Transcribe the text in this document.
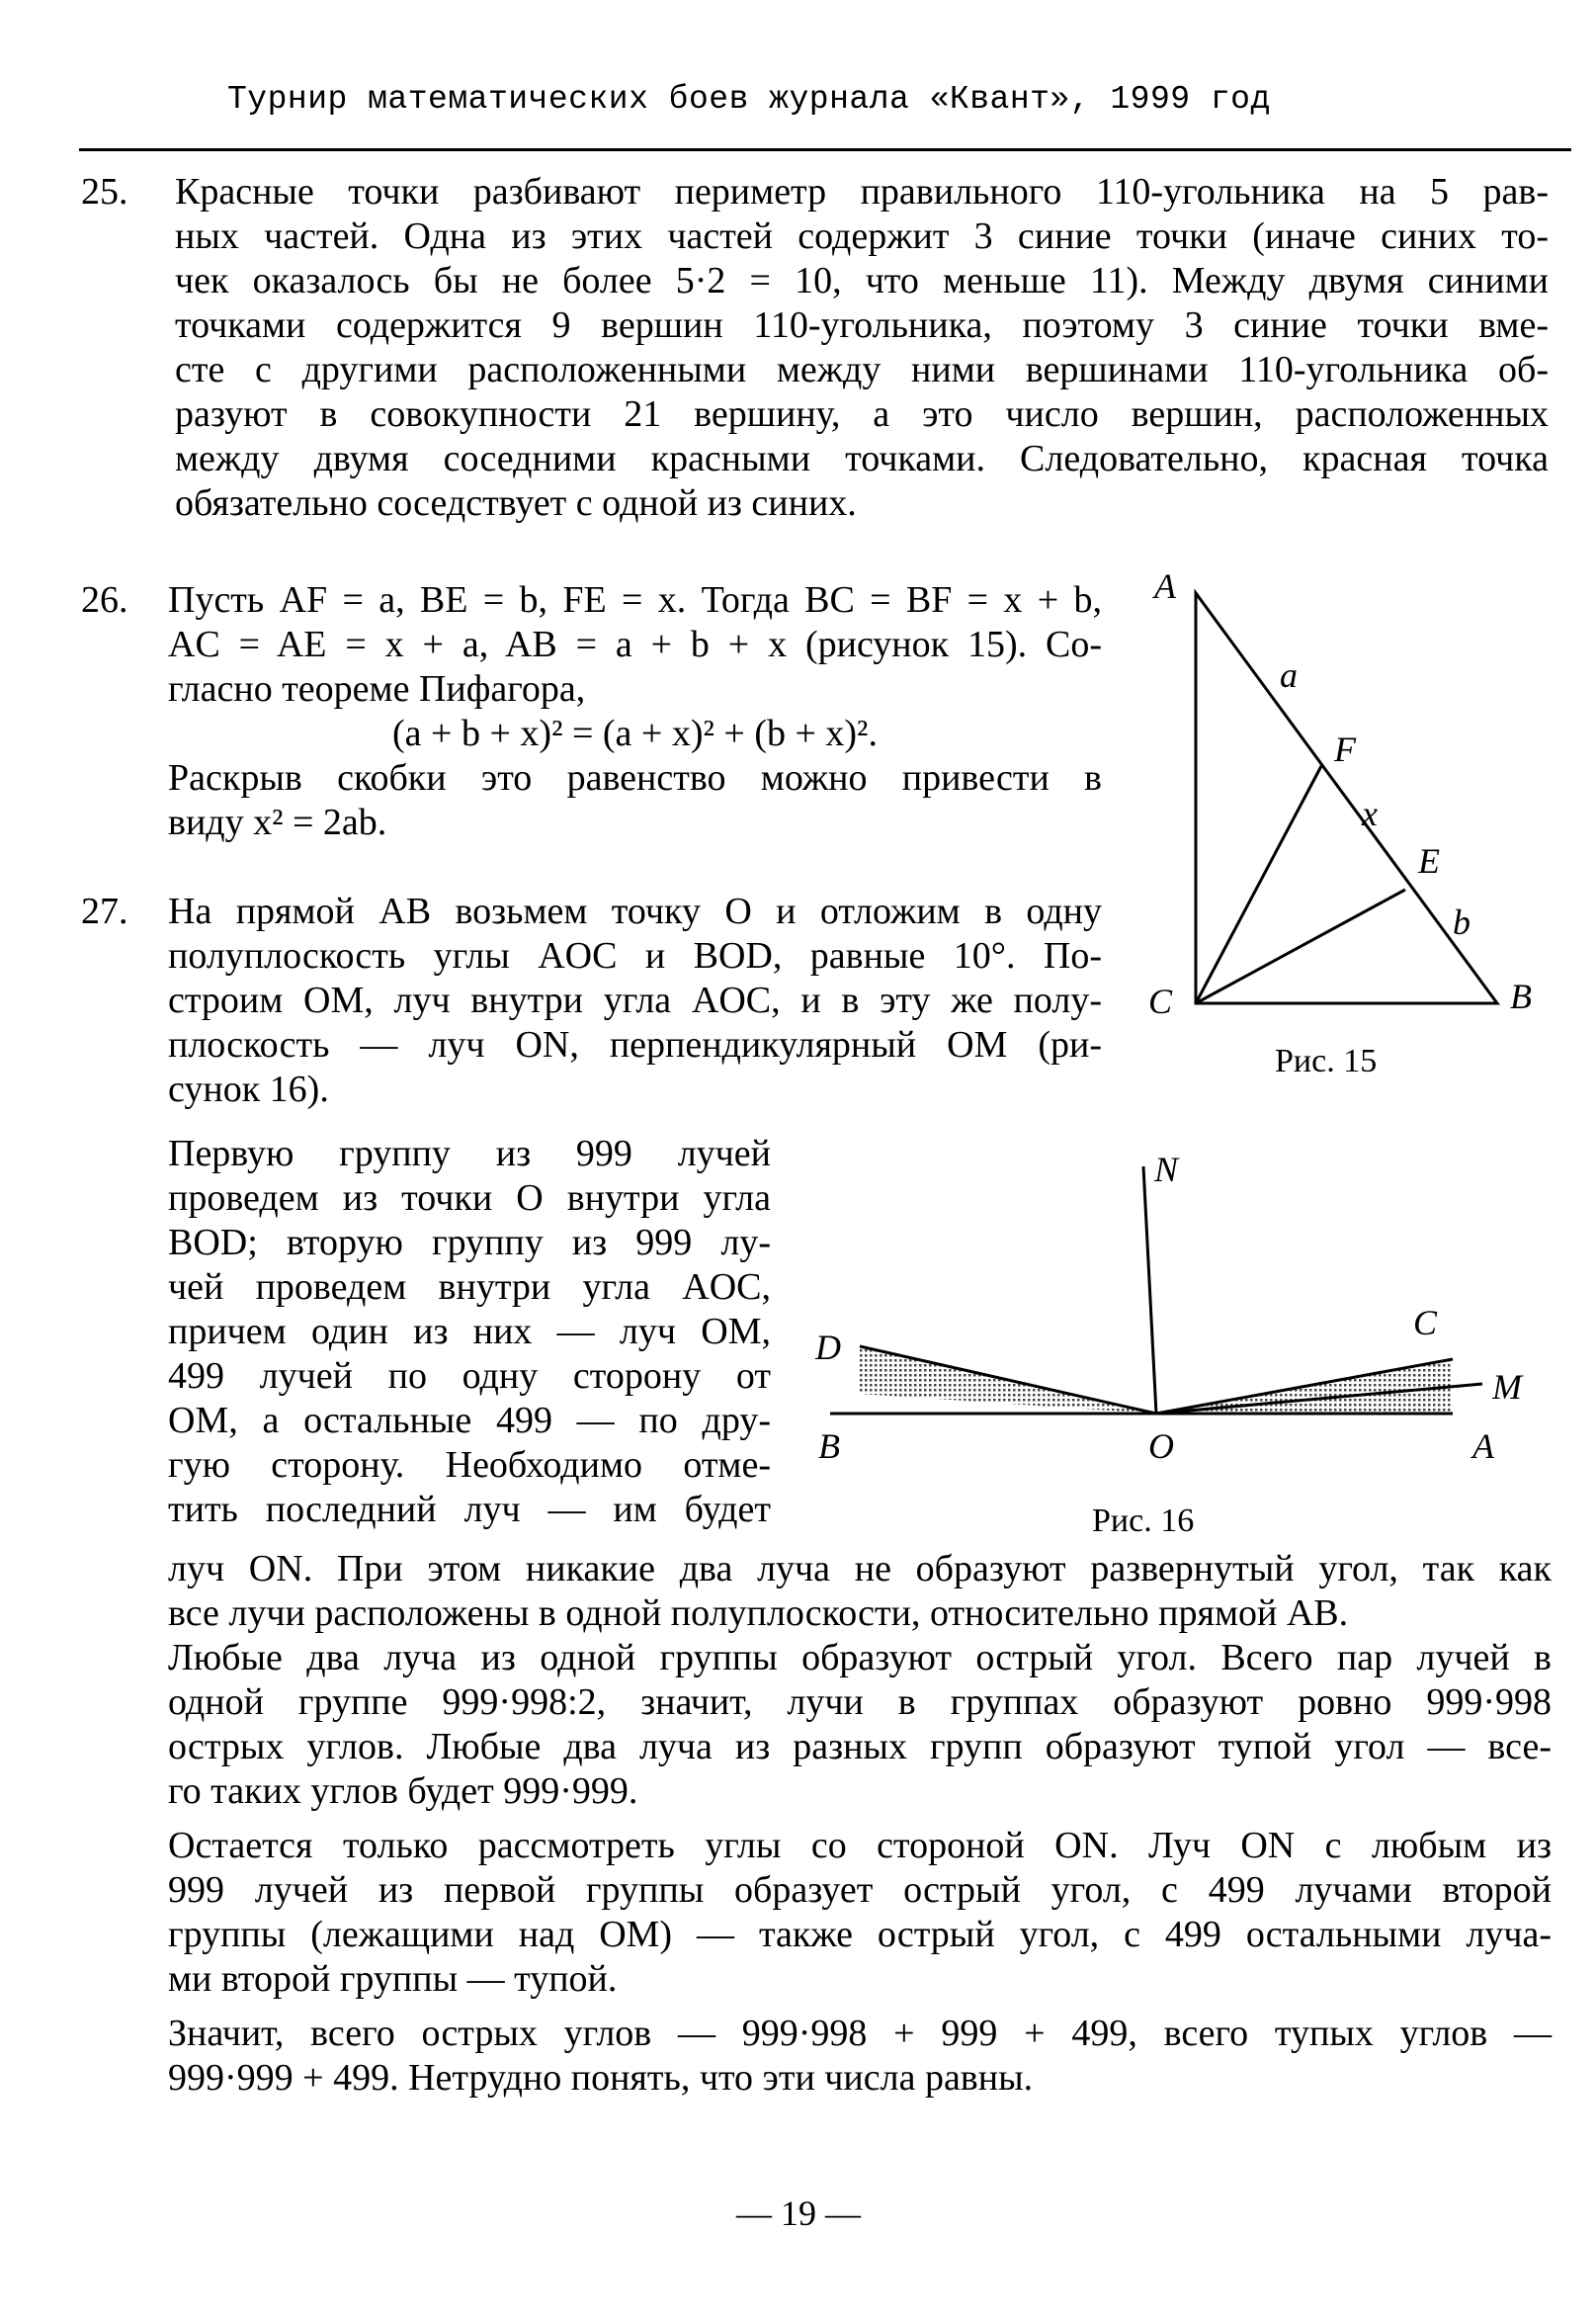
Турнир математических боев журнала «Квант», 1999 год
25. Красные точки разбивают периметр правильного 110-угольника на 5 рав-
ных частей. Одна из этих частей содержит 3 синие точки (иначе синих то-
чек оказалось бы не более 5·2 = 10, что меньше 11). Между двумя синими
точками содержится 9 вершин 110-угольника, поэтому 3 синие точки вме-
сте с другими расположенными между ними вершинами 110-угольника об-
разуют в совокупности 21 вершину, а это число вершин, расположенных
между двумя соседними красными точками. Следовательно, красная точка
обязательно соседствует с одной из синих.
26. Пусть AF = a, BE = b, FE = x. Тогда BC = BF = x + b,
AC = AE = x + a, AB = a + b + x (рисунок 15). Со-
гласно теореме Пифагора,
(a + b + x)² = (a + x)² + (b + x)².
Раскрыв скобки это равенство можно привести в
виду x² = 2ab.
A
B
C
F
E
a
x
b
Рис. 15
27. На прямой AB возьмем точку O и отложим в одну
полуплоскость углы AOC и BOD, равные 10°. По-
строим OM, луч внутри угла AOC, и в эту же полу-
плоскость — луч ON, перпендикулярный OM (ри-
сунок 16).
Первую группу из 999 лучей
проведем из точки O внутри угла
BOD; вторую группу из 999 лу-
чей проведем внутри угла AOC,
причем один из них — луч OM,
499 лучей по одну сторону от
OM, а остальные 499 — по дру-
гую сторону. Необходимо отме-
тить последний луч — им будет
N
C
D
M
B	O	A
Рис. 16
луч ON. При этом никакие два луча не образуют развернутый угол, так как
все лучи расположены в одной полуплоскости, относительно прямой AB.
Любые два луча из одной группы образуют острый угол. Всего пар лучей в
одной группе 999·998:2, значит, лучи в группах образуют ровно 999·998
острых углов. Любые два луча из разных групп образуют тупой угол — все-
го таких углов будет 999·999.
Остается только рассмотреть углы со стороной ON. Луч ON с любым из
999 лучей из первой группы образует острый угол, с 499 лучами второй
группы (лежащими над OM) — также острый угол, с 499 остальными луча-
ми второй группы — тупой.
Значит, всего острых углов — 999·998 + 999 + 499, всего тупых углов —
999·999 + 499. Нетрудно понять, что эти числа равны.
— 19 —
